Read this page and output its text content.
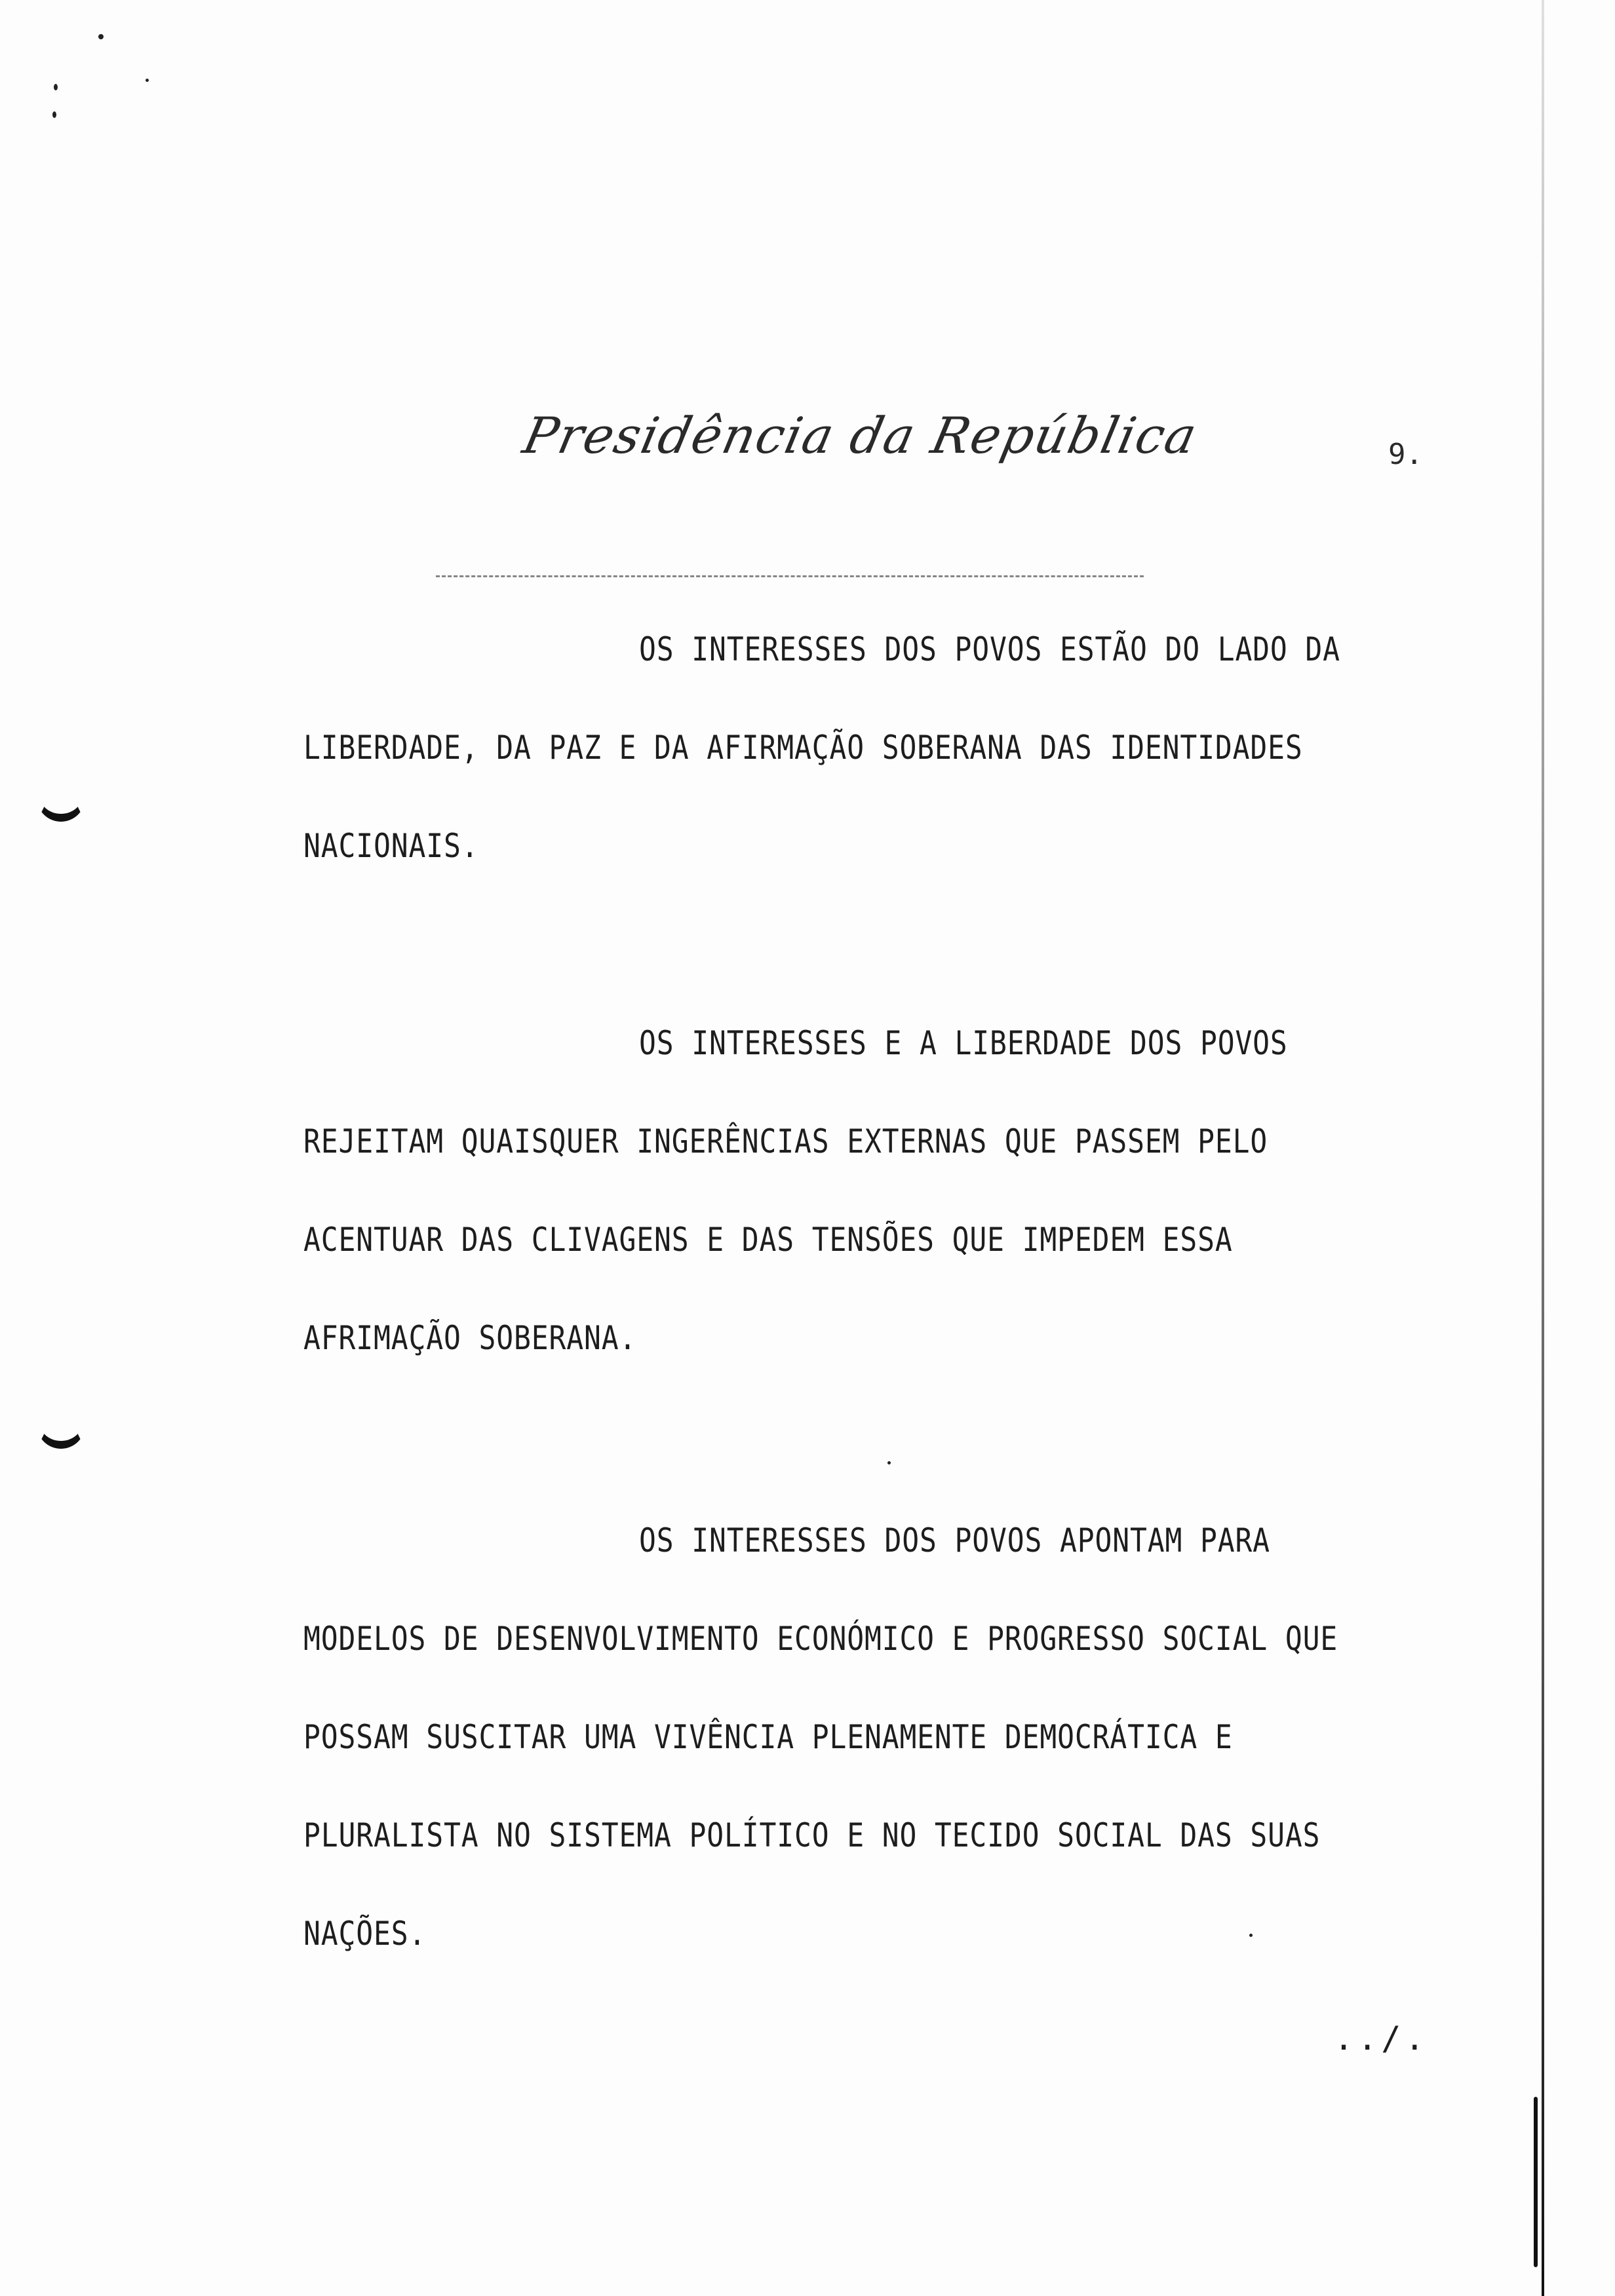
Presidência da República	9.
OS INTERESSES DOS POVOS ESTÃO DO LADO DA
LIBERDADE, DA PAZ E DA AFIRMAÇÃO SOBERANA DAS IDENTIDADES
NACIONAIS.
OS INTERESSES E A LIBERDADE DOS POVOS
REJEITAM QUAISQUER INGERÊNCIAS EXTERNAS QUE PASSEM PELO
ACENTUAR DAS CLIVAGENS E DAS TENSÕES QUE IMPEDEM ESSA
AFRIMAÇÃO SOBERANA.
OS INTERESSES DOS POVOS APONTAM PARA
MODELOS DE DESENVOLVIMENTO ECONÓMICO E PROGRESSO SOCIAL QUE
POSSAM SUSCITAR UMA VIVÊNCIA PLENAMENTE DEMOCRÁTICA E
PLURALISTA NO SISTEMA POLÍTICO E NO TECIDO SOCIAL DAS SUAS
NAÇÕES.
../.
